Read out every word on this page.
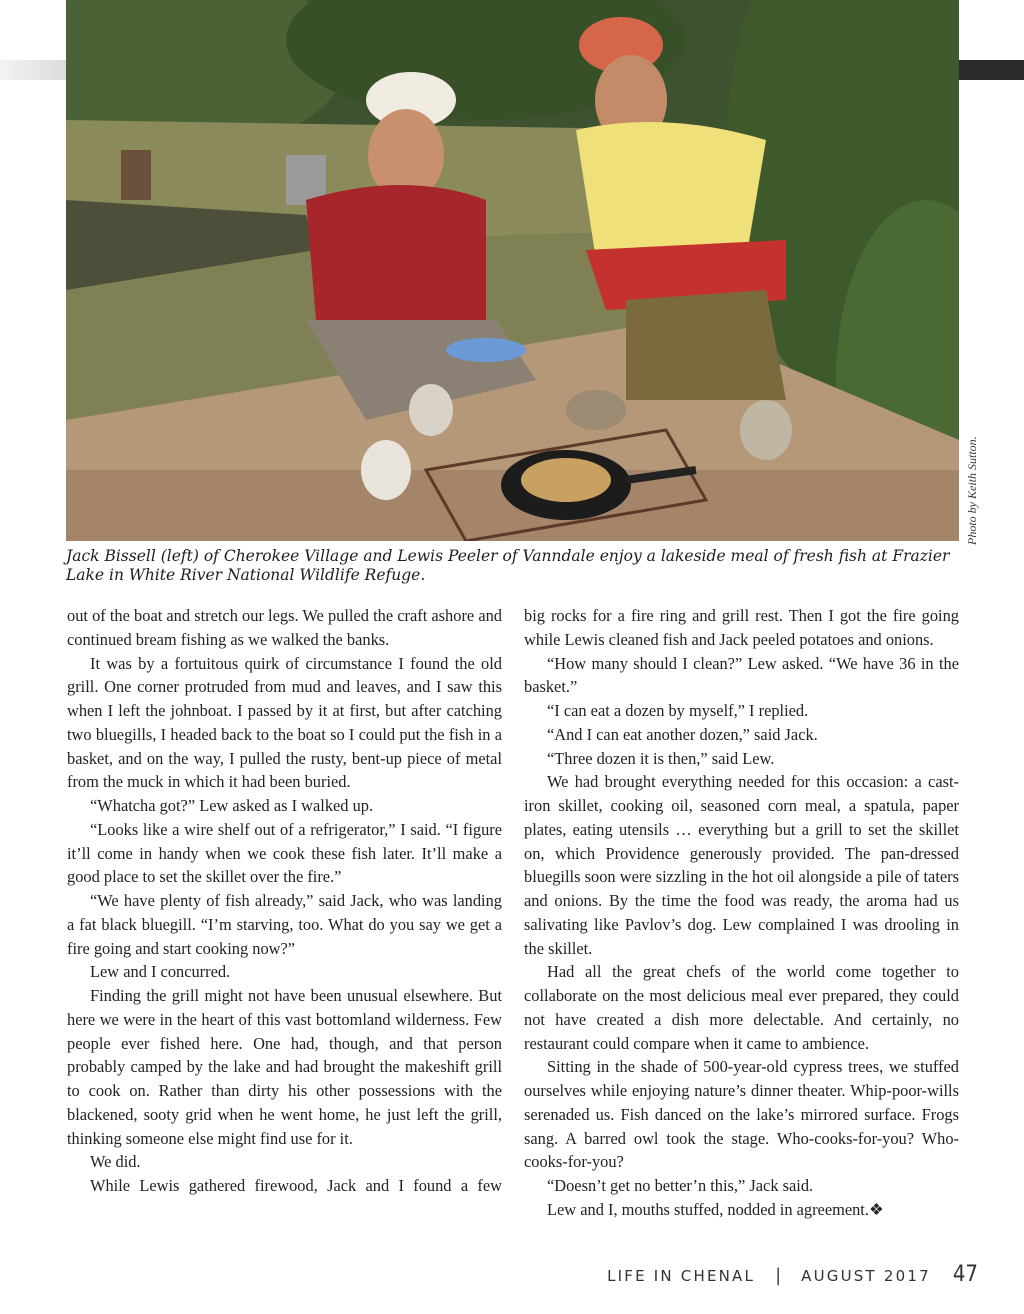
Photo by Keith Sutton.
Jack Bissell (left) of Cherokee Village and Lewis Peeler of Vanndale enjoy a lakeside meal of fresh fish at Frazier Lake in White River National Wildlife Refuge.

out of the boat and stretch our legs. We pulled the craft ashore and continued bream fishing as we walked the banks.

It was by a fortuitous quirk of circumstance I found the old grill. One corner protruded from mud and leaves, and I saw this when I left the johnboat. I passed by it at first, but after catching two bluegills, I headed back to the boat so I could put the fish in a basket, and on the way, I pulled the rusty, bent-up piece of metal from the muck in which it had been buried.

“Whatcha got?” Lew asked as I walked up.

“Looks like a wire shelf out of a refrigerator,” I said. “I figure it’ll come in handy when we cook these fish later. It’ll make a good place to set the skillet over the fire.”

“We have plenty of fish already,” said Jack, who was landing a fat black bluegill. “I’m starving, too. What do you say we get a fire going and start cooking now?”

Lew and I concurred.

Finding the grill might not have been unusual elsewhere. But here we were in the heart of this vast bottomland wilderness. Few people ever fished here. One had, though, and that person probably camped by the lake and had brought the makeshift grill to cook on. Rather than dirty his other possessions with the blackened, sooty grid when he went home, he just left the grill, thinking someone else might find use for it.

We did.

While Lewis gathered firewood, Jack and I found a few

big rocks for a fire ring and grill rest. Then I got the fire going while Lewis cleaned fish and Jack peeled potatoes and onions.

“How many should I clean?” Lew asked. “We have 36 in the basket.”

“I can eat a dozen by myself,” I replied.

“And I can eat another dozen,” said Jack.

“Three dozen it is then,” said Lew.

We had brought everything needed for this occasion: a cast-iron skillet, cooking oil, seasoned corn meal, a spatula, paper plates, eating utensils … everything but a grill to set the skillet on, which Providence generously provided. The pan-dressed bluegills soon were sizzling in the hot oil alongside a pile of taters and onions. By the time the food was ready, the aroma had us salivating like Pavlov’s dog. Lew complained I was drooling in the skillet.

Had all the great chefs of the world come together to collaborate on the most delicious meal ever prepared, they could not have created a dish more delectable. And certainly, no restaurant could compare when it came to ambience.

Sitting in the shade of 500-year-old cypress trees, we stuffed ourselves while enjoying nature’s dinner theater. Whip-poor-wills serenaded us. Fish danced on the lake’s mirrored surface. Frogs sang. A barred owl took the stage. Who-cooks-for-you? Who-cooks-for-you?

“Doesn’t get no better’n this,” Jack said.

Lew and I, mouths stuffed, nodded in agreement.❖

LIFE IN CHENAL | AUGUST 2017 47
